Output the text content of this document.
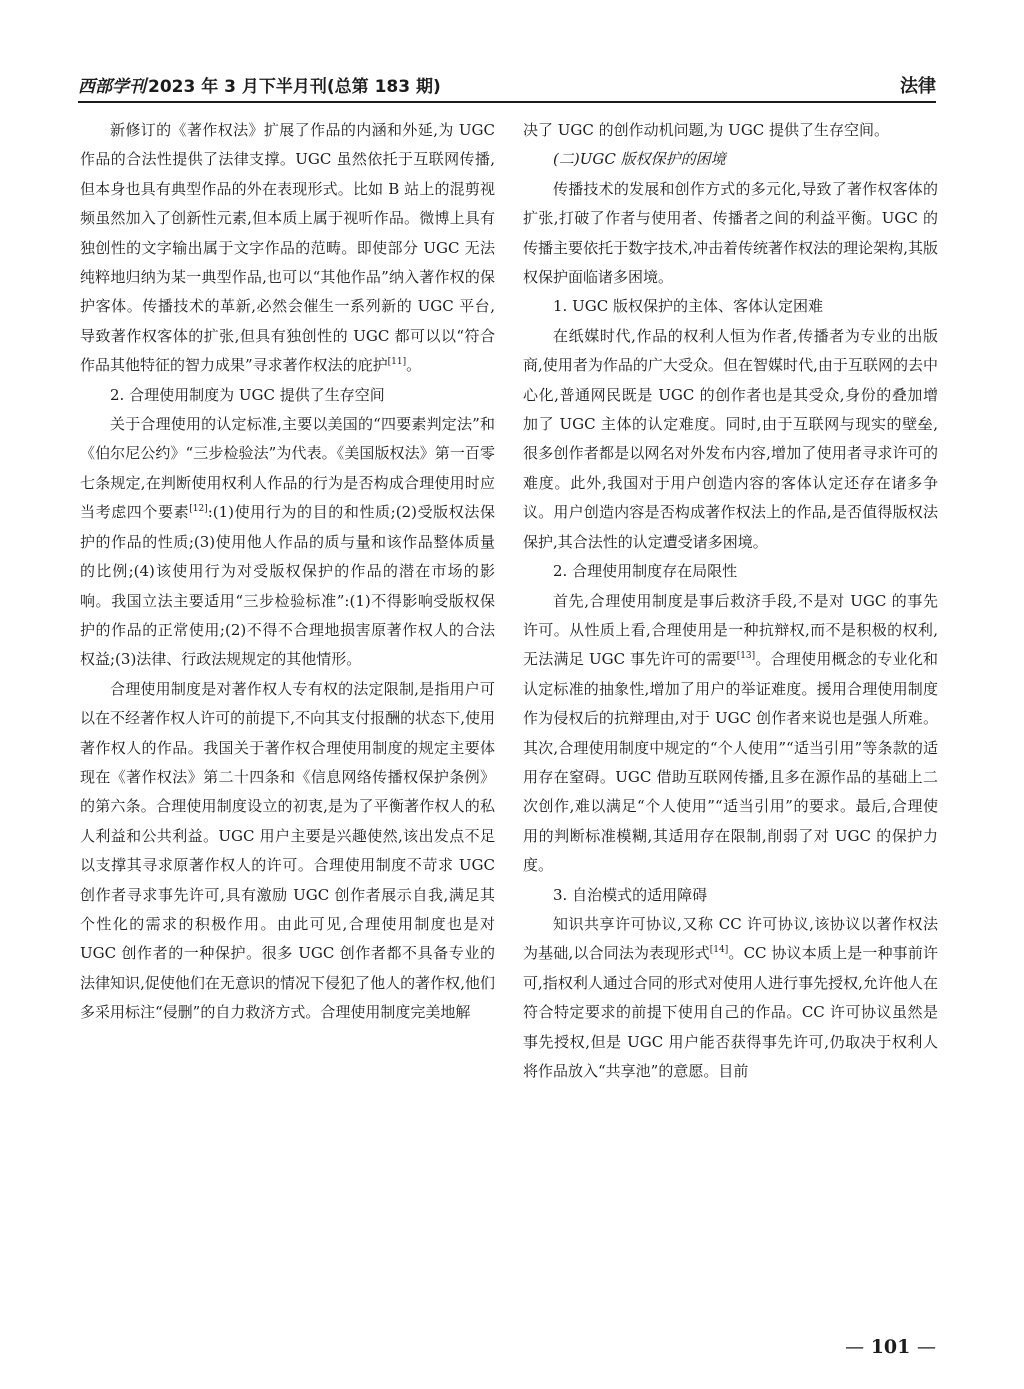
西部学刊 2023 年 3 月下半月刊(总第 183 期)	法律

新修订的《著作权法》扩展了作品的内涵和外延,为 UGC 作品的合法性提供了法律支撑。UGC 虽然依托于互联网传播,但本身也具有典型作品的外在表现形式。比如 B 站上的混剪视频虽然加入了创新性元素,但本质上属于视听作品。微博上具有独创性的文字输出属于文字作品的范畴。即使部分 UGC 无法纯粹地归纳为某一典型作品,也可以“其他作品”纳入著作权的保护客体。传播技术的革新,必然会催生一系列新的 UGC 平台,导致著作权客体的扩张,但具有独创性的 UGC 都可以以“符合作品其他特征的智力成果”寻求著作权法的庇护[11]。

2. 合理使用制度为 UGC 提供了生存空间

关于合理使用的认定标准,主要以美国的“四要素判定法”和《伯尔尼公约》“三步检验法”为代表。《美国版权法》第一百零七条规定,在判断使用权利人作品的行为是否构成合理使用时应当考虑四个要素[12]:(1)使用行为的目的和性质;(2)受版权法保护的作品的性质;(3)使用他人作品的质与量和该作品整体质量的比例;(4)该使用行为对受版权保护的作品的潜在市场的影响。我国立法主要适用“三步检验标准”:(1)不得影响受版权保护的作品的正常使用;(2)不得不合理地损害原著作权人的合法权益;(3)法律、行政法规规定的其他情形。

合理使用制度是对著作权人专有权的法定限制,是指用户可以在不经著作权人许可的前提下,不向其支付报酬的状态下,使用著作权人的作品。我国关于著作权合理使用制度的规定主要体现在《著作权法》第二十四条和《信息网络传播权保护条例》的第六条。合理使用制度设立的初衷,是为了平衡著作权人的私人利益和公共利益。UGC 用户主要是兴趣使然,该出发点不足以支撑其寻求原著作权人的许可。合理使用制度不苛求 UGC 创作者寻求事先许可,具有激励 UGC 创作者展示自我,满足其个性化的需求的积极作用。由此可见,合理使用制度也是对 UGC 创作者的一种保护。很多 UGC 创作者都不具备专业的法律知识,促使他们在无意识的情况下侵犯了他人的著作权,他们多采用标注“侵删”的自力救济方式。合理使用制度完美地解

决了 UGC 的创作动机问题,为 UGC 提供了生存空间。

(二)UGC 版权保护的困境

传播技术的发展和创作方式的多元化,导致了著作权客体的扩张,打破了作者与使用者、传播者之间的利益平衡。UGC 的传播主要依托于数字技术,冲击着传统著作权法的理论架构,其版权保护面临诸多困境。

1. UGC 版权保护的主体、客体认定困难

在纸媒时代,作品的权利人恒为作者,传播者为专业的出版商,使用者为作品的广大受众。但在智媒时代,由于互联网的去中心化,普通网民既是 UGC 的创作者也是其受众,身份的叠加增加了 UGC 主体的认定难度。同时,由于互联网与现实的壁垒,很多创作者都是以网名对外发布内容,增加了使用者寻求许可的难度。此外,我国对于用户创造内容的客体认定还存在诸多争议。用户创造内容是否构成著作权法上的作品,是否值得版权法保护,其合法性的认定遭受诸多困境。

2. 合理使用制度存在局限性

首先,合理使用制度是事后救济手段,不是对 UGC 的事先许可。从性质上看,合理使用是一种抗辩权,而不是积极的权利,无法满足 UGC 事先许可的需要[13]。合理使用概念的专业化和认定标准的抽象性,增加了用户的举证难度。援用合理使用制度作为侵权后的抗辩理由,对于 UGC 创作者来说也是强人所难。其次,合理使用制度中规定的“个人使用”“适当引用”等条款的适用存在窒碍。UGC 借助互联网传播,且多在源作品的基础上二次创作,难以满足“个人使用”“适当引用”的要求。最后,合理使用的判断标准模糊,其适用存在限制,削弱了对 UGC 的保护力度。

3. 自治模式的适用障碍

知识共享许可协议,又称 CC 许可协议,该协议以著作权法为基础,以合同法为表现形式[14]。CC 协议本质上是一种事前许可,指权利人通过合同的形式对使用人进行事先授权,允许他人在符合特定要求的前提下使用自己的作品。CC 许可协议虽然是事先授权,但是 UGC 用户能否获得事先许可,仍取决于权利人将作品放入“共享池”的意愿。目前

— 101 —
